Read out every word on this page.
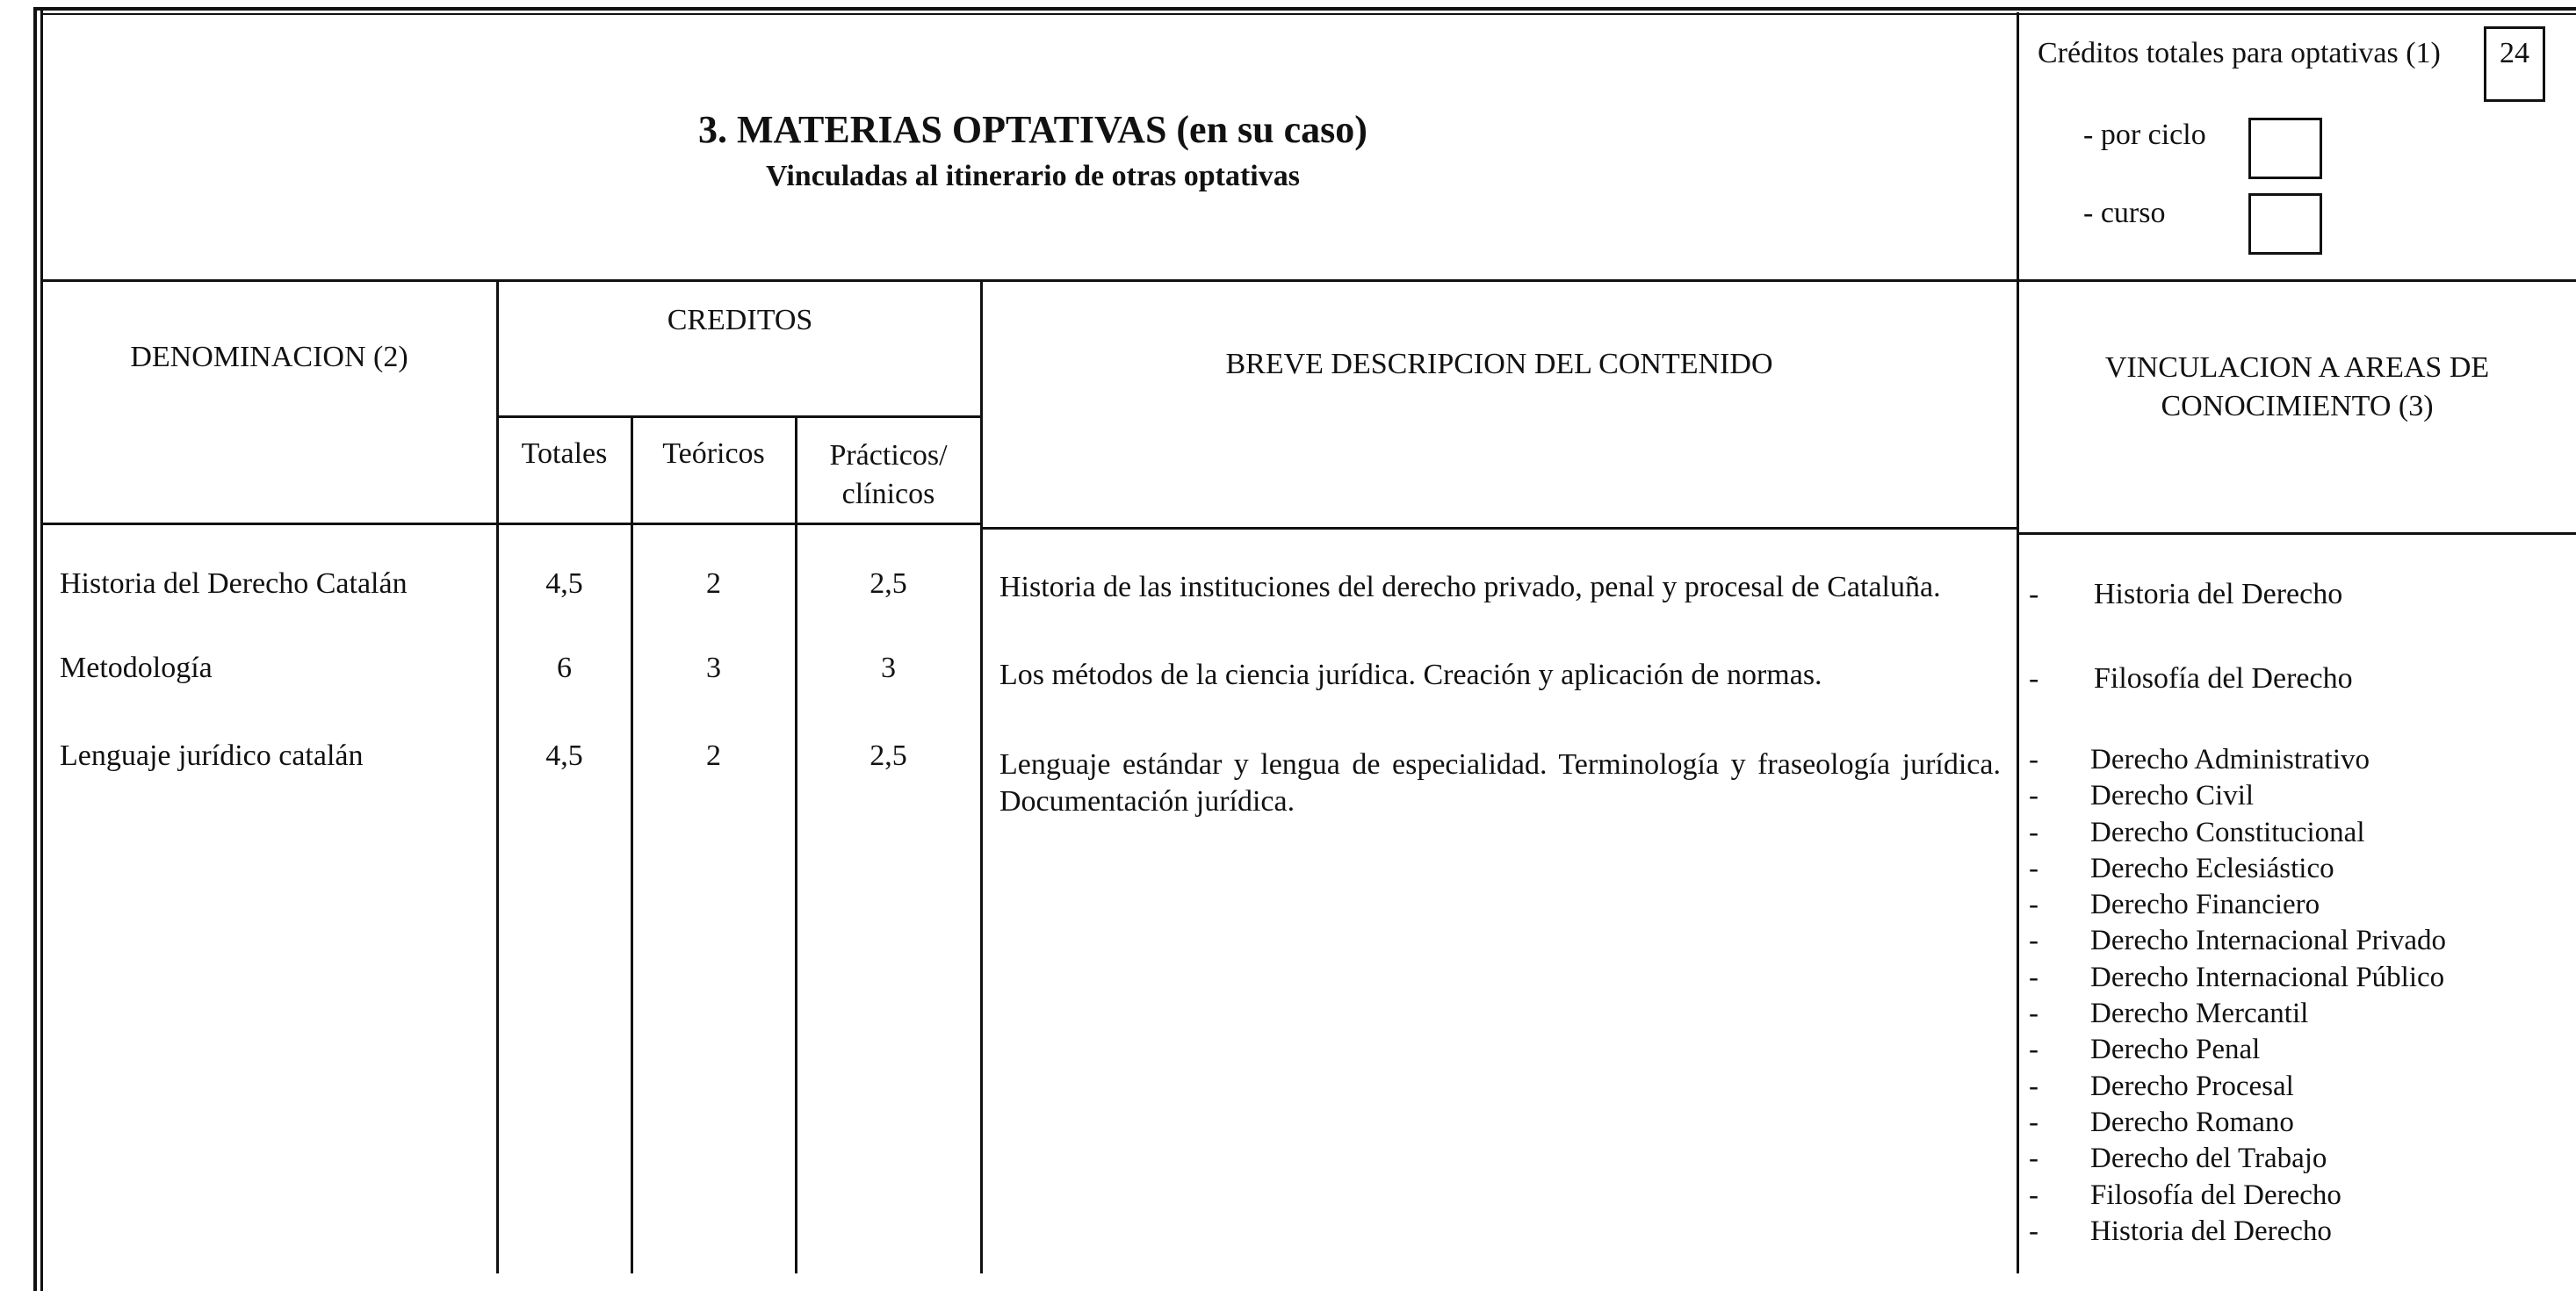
3. MATERIAS OPTATIVAS (en su caso)
Vinculadas al itinerario de otras optativas
Créditos totales para optativas (1)	24
- por ciclo
- curso
DENOMINACION (2)
CREDITOS
Totales	Teóricos	Prácticos/
clínicos
BREVE DESCRIPCION DEL CONTENIDO	VINCULACION A AREAS DE
CONOCIMIENTO (3)
Historia del Derecho Catalán	4,5	2	2,5	Historia de las instituciones del derecho privado, penal y procesal de Cataluña.	- Historia del Derecho
Metodología	6	3	3	Los métodos de la ciencia jurídica. Creación y aplicación de normas.	- Filosofía del Derecho
Lenguaje jurídico catalán	4,5	2	2,5	Lenguaje estándar y lengua de especialidad. Terminología y fraseología jurídica. Documentación jurídica.
- Derecho Administrativo
- Derecho Civil
- Derecho Constitucional
- Derecho Eclesiástico
- Derecho Financiero
- Derecho Internacional Privado
- Derecho Internacional Público
- Derecho Mercantil
- Derecho Penal
- Derecho Procesal
- Derecho Romano
- Derecho del Trabajo
- Filosofía del Derecho
- Historia del Derecho
